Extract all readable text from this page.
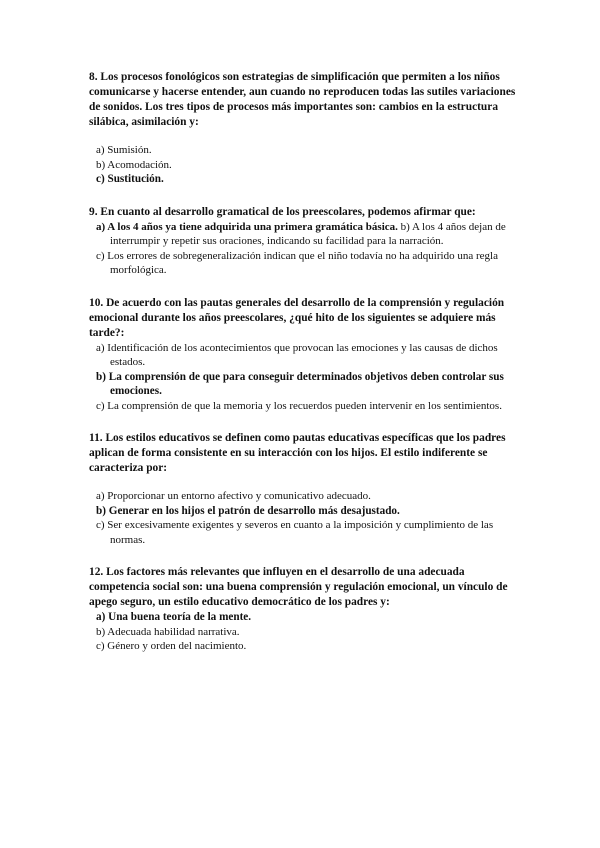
8. Los procesos fonológicos son estrategias de simplificación que permiten a los niños comunicarse y hacerse entender, aun cuando no reproducen todas las sutiles variaciones de sonidos. Los tres tipos de procesos más importantes son: cambios en la estructura silábica, asimilación y:

a) Sumisión.
b) Acomodación.
c) Sustitución.

9. En cuanto al desarrollo gramatical de los preescolares, podemos afirmar que:

a) A los 4 años ya tiene adquirida una primera gramática básica. b) A los 4 años dejan de interrumpir y repetir sus oraciones, indicando su facilidad para la narración.
c) Los errores de sobregeneralización indican que el niño todavía no ha adquirido una regla morfológica.

10. De acuerdo con las pautas generales del desarrollo de la comprensión y regulación emocional durante los años preescolares, ¿qué hito de los siguientes se adquiere más tarde?:

a) Identificación de los acontecimientos que provocan las emociones y las causas de dichos estados.
b) La comprensión de que para conseguir determinados objetivos deben controlar sus emociones.
c) La comprensión de que la memoria y los recuerdos pueden intervenir en los sentimientos.

11. Los estilos educativos se definen como pautas educativas específicas que los padres aplican de forma consistente en su interacción con los hijos. El estilo indiferente se caracteriza por:

a) Proporcionar un entorno afectivo y comunicativo adecuado.
b) Generar en los hijos el patrón de desarrollo más desajustado.
c) Ser excesivamente exigentes y severos en cuanto a la imposición y cumplimiento de las normas.

12. Los factores más relevantes que influyen en el desarrollo de una adecuada competencia social son: una buena comprensión y regulación emocional, un vínculo de apego seguro, un estilo educativo democrático de los padres y:

a) Una buena teoría de la mente.
b) Adecuada habilidad narrativa.
c) Género y orden del nacimiento.
